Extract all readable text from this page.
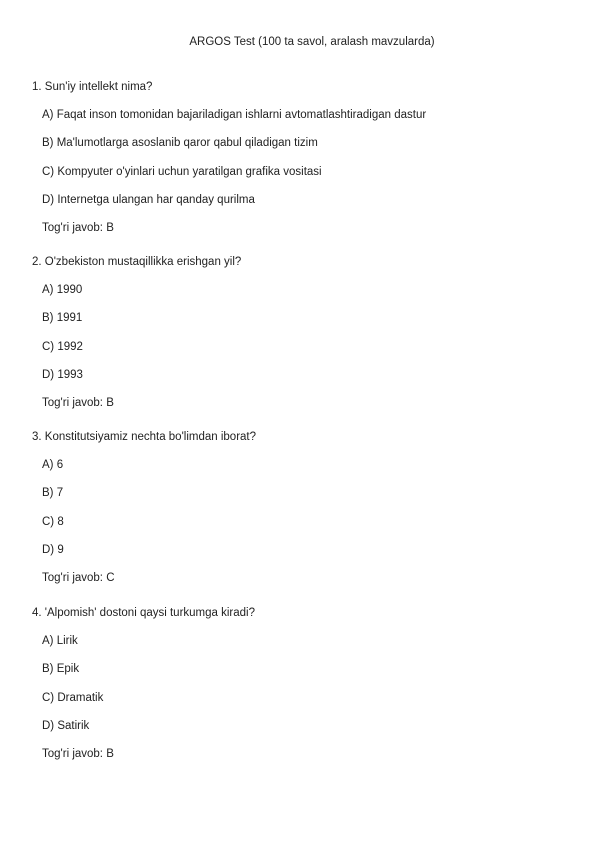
ARGOS Test (100 ta savol, aralash mavzularda)
1. Sun'iy intellekt nima?
A) Faqat inson tomonidan bajariladigan ishlarni avtomatlashtiradigan dastur
B) Ma'lumotlarga asoslanib qaror qabul qiladigan tizim
C) Kompyuter o'yinlari uchun yaratilgan grafika vositasi
D) Internetga ulangan har qanday qurilma
Tog'ri javob: B
2. O'zbekiston mustaqillikka erishgan yil?
A) 1990
B) 1991
C) 1992
D) 1993
Tog'ri javob: B
3. Konstitutsiyamiz nechta bo'limdan iborat?
A) 6
B) 7
C) 8
D) 9
Tog'ri javob: C
4. 'Alpomish' dostoni qaysi turkumga kiradi?
A) Lirik
B) Epik
C) Dramatik
D) Satirik
Tog'ri javob: B
